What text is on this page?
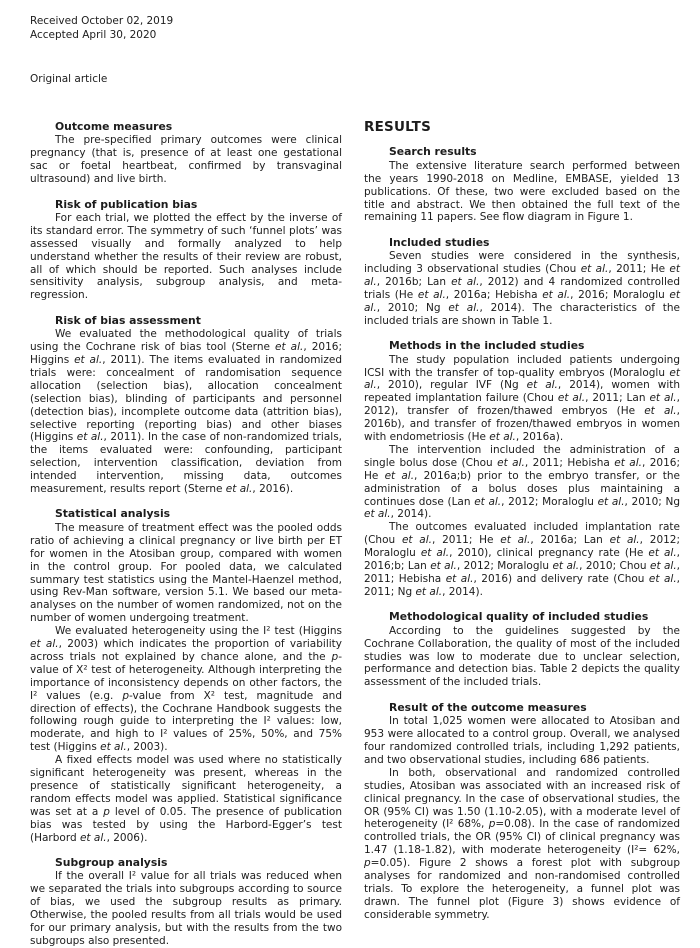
Received October 02, 2019
Accepted April 30, 2020
Original article
Outcome measures

The pre-specified primary outcomes were clinical pregnancy (that is, presence of at least one gestational sac or foetal heartbeat, confirmed by transvaginal ultrasound) and live birth.

Risk of publication bias

For each trial, we plotted the effect by the inverse of its standard error. The symmetry of such ‘funnel plots’ was assessed visually and formally analyzed to help understand whether the results of their review are robust, all of which should be reported. Such analyses include sensitivity analysis, subgroup analysis, and meta-regression.

Risk of bias assessment

We evaluated the methodological quality of trials using the Cochrane risk of bias tool (Sterne et al., 2016; Higgins et al., 2011). The items evaluated in randomized trials were: concealment of randomisation sequence allocation (selection bias), allocation concealment (selection bias), blinding of participants and personnel (detection bias), incomplete outcome data (attrition bias), selective reporting (reporting bias) and other biases (Higgins et al., 2011). In the case of non-randomized trials, the items evaluated were: confounding, participant selection, intervention classification, deviation from intended intervention, missing data, outcomes measurement, results report (Sterne et al., 2016).

Statistical analysis

The measure of treatment effect was the pooled odds ratio of achieving a clinical pregnancy or live birth per ET for women in the Atosiban group, compared with women in the control group. For pooled data, we calculated summary test statistics using the Mantel-Haenzel method, using Rev-Man software, version 5.1. We based our meta-analyses on the number of women randomized, not on the number of women undergoing treatment.

We evaluated heterogeneity using the I² test (Higgins et al., 2003) which indicates the proportion of variability across trials not explained by chance alone, and the p-value of X² test of heterogeneity. Although interpreting the importance of inconsistency depends on other factors, the I² values (e.g. p-value from X² test, magnitude and direction of effects), the Cochrane Handbook suggests the following rough guide to interpreting the I² values: low, moderate, and high to I² values of 25%, 50%, and 75% test (Higgins et al., 2003).

A fixed effects model was used where no statistically significant heterogeneity was present, whereas in the presence of statistically significant heterogeneity, a random effects model was applied. Statistical significance was set at a p level of 0.05. The presence of publication bias was tested by using the Harbord-Egger’s test (Harbord et al., 2006).

Subgroup analysis

If the overall I² value for all trials was reduced when we separated the trials into subgroups according to source of bias, we used the subgroup results as primary. Otherwise, the pooled results from all trials would be used for our primary analysis, but with the results from the two subgroups also presented.

RESULTS
Search results

The extensive literature search performed between the years 1990-2018 on Medline, EMBASE, yielded 13 publications. Of these, two were excluded based on the title and abstract. We then obtained the full text of the remaining 11 papers. See flow diagram in Figure 1.

Included studies

Seven studies were considered in the synthesis, including 3 observational studies (Chou et al., 2011; He et al., 2016b; Lan et al., 2012) and 4 randomized controlled trials (He et al., 2016a; Hebisha et al., 2016; Moraloglu et al., 2010; Ng et al., 2014). The characteristics of the included trials are shown in Table 1.

Methods in the included studies

The study population included patients undergoing ICSI with the transfer of top-quality embryos (Moraloglu et al., 2010), regular IVF (Ng et al., 2014), women with repeated implantation failure (Chou et al., 2011; Lan et al., 2012), transfer of frozen/thawed embryos (He et al., 2016b), and transfer of frozen/thawed embryos in women with endometriosis (He et al., 2016a).

The intervention included the administration of a single bolus dose (Chou et al., 2011; Hebisha et al., 2016; He et al., 2016a;b) prior to the embryo transfer, or the administration of a bolus doses plus maintaining a continues dose (Lan et al., 2012; Moraloglu et al., 2010; Ng et al., 2014).

The outcomes evaluated included implantation rate (Chou et al., 2011; He et al., 2016a; Lan et al., 2012; Moraloglu et al., 2010), clinical pregnancy rate (He et al., 2016;b; Lan et al., 2012; Moraloglu et al., 2010; Chou et al., 2011; Hebisha et al., 2016) and delivery rate (Chou et al., 2011; Ng et al., 2014).

Methodological quality of included studies

According to the guidelines suggested by the Cochrane Collaboration, the quality of most of the included studies was low to moderate due to unclear selection, performance and detection bias. Table 2 depicts the quality assessment of the included trials.

Result of the outcome measures

In total 1,025 women were allocated to Atosiban and 953 were allocated to a control group. Overall, we analysed four randomized controlled trials, including 1,292 patients, and two observational studies, including 686 patients.

In both, observational and randomized controlled studies, Atosiban was associated with an increased risk of clinical pregnancy. In the case of observational studies, the OR (95% CI) was 1.50 (1.10-2.05), with a moderate level of heterogeneity (I² 68%, p=0.08). In the case of randomized controlled trials, the OR (95% CI) of clinical pregnancy was 1.47 (1.18-1.82), with moderate heterogeneity (I²= 62%, p=0.05). Figure 2 shows a forest plot with subgroup analyses for randomized and non-randomised controlled trials. To explore the heterogeneity, a funnel plot was drawn. The funnel plot (Figure 3) shows evidence of considerable symmetry.
